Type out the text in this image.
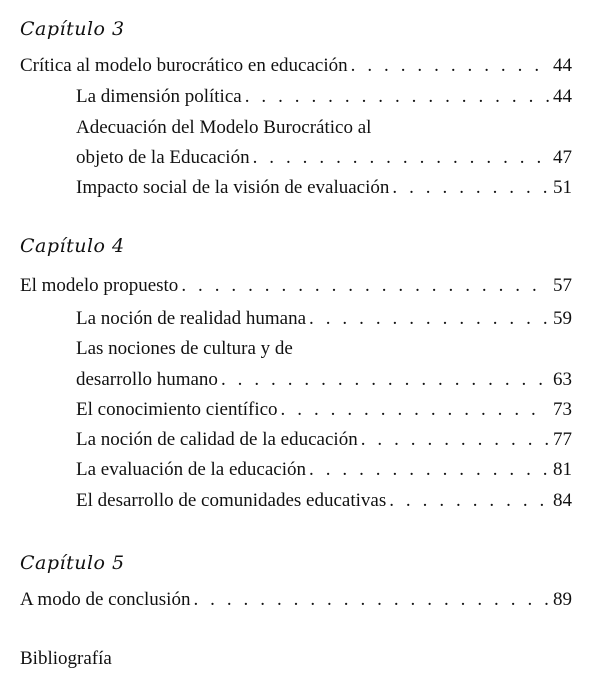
Capítulo 3
Crítica al modelo burocrático en educación . . .	44
La dimensión política . . .	44
Adecuación del Modelo Burocrático al
objeto de la Educación . . .	47
Impacto social de la visión de evaluación . . .	51
Capítulo 4
El modelo propuesto . . .	57
La noción de realidad humana . . .	59
Las nociones de cultura y de
desarrollo humano . . .	63
El conocimiento científico . . .	73
La noción de calidad de la educación . . .	77
La evaluación de la educación . . .	81
El desarrollo de comunidades educativas . . .	84
Capítulo 5
A modo de conclusión . . .	89
Bibliografía
